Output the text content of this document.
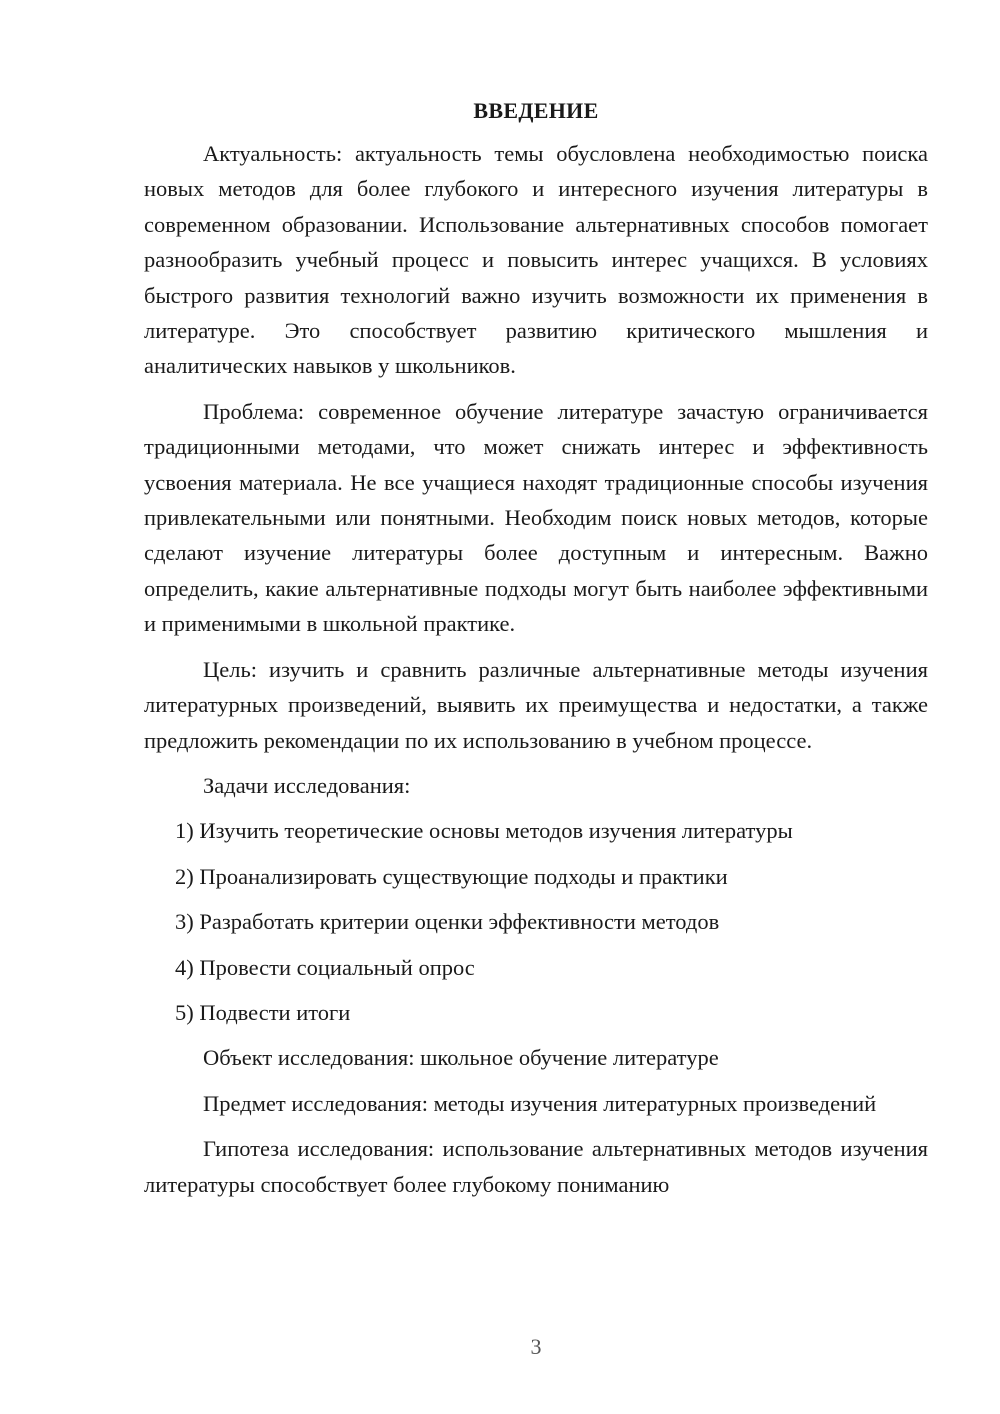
ВВЕДЕНИЕ

Актуальность: актуальность темы обусловлена необходимостью поиска новых методов для более глубокого и интересного изучения литературы в современном образовании. Использование альтернативных способов помогает разнообразить учебный процесс и повысить интерес учащихся. В условиях быстрого развития технологий важно изучить возможности их применения в литературе. Это способствует развитию критического мышления и аналитических навыков у школьников.

Проблема: современное обучение литературе зачастую ограничивается традиционными методами, что может снижать интерес и эффективность усвоения материала. Не все учащиеся находят традиционные способы изучения привлекательными или понятными. Необходим поиск новых методов, которые сделают изучение литературы более доступным и интересным. Важно определить, какие альтернативные подходы могут быть наиболее эффективными и применимыми в школьной практике.

Цель: изучить и сравнить различные альтернативные методы изучения литературных произведений, выявить их преимущества и недостатки, а также предложить рекомендации по их использованию в учебном процессе.

Задачи исследования:

1) Изучить теоретические основы методов изучения литературы
2) Проанализировать существующие подходы и практики
3) Разработать критерии оценки эффективности методов
4) Провести социальный опрос
5) Подвести итоги

Объект исследования: школьное обучение литературе

Предмет исследования: методы изучения литературных произведений

Гипотеза исследования: использование альтернативных методов изучения литературы способствует более глубокому пониманию

3
